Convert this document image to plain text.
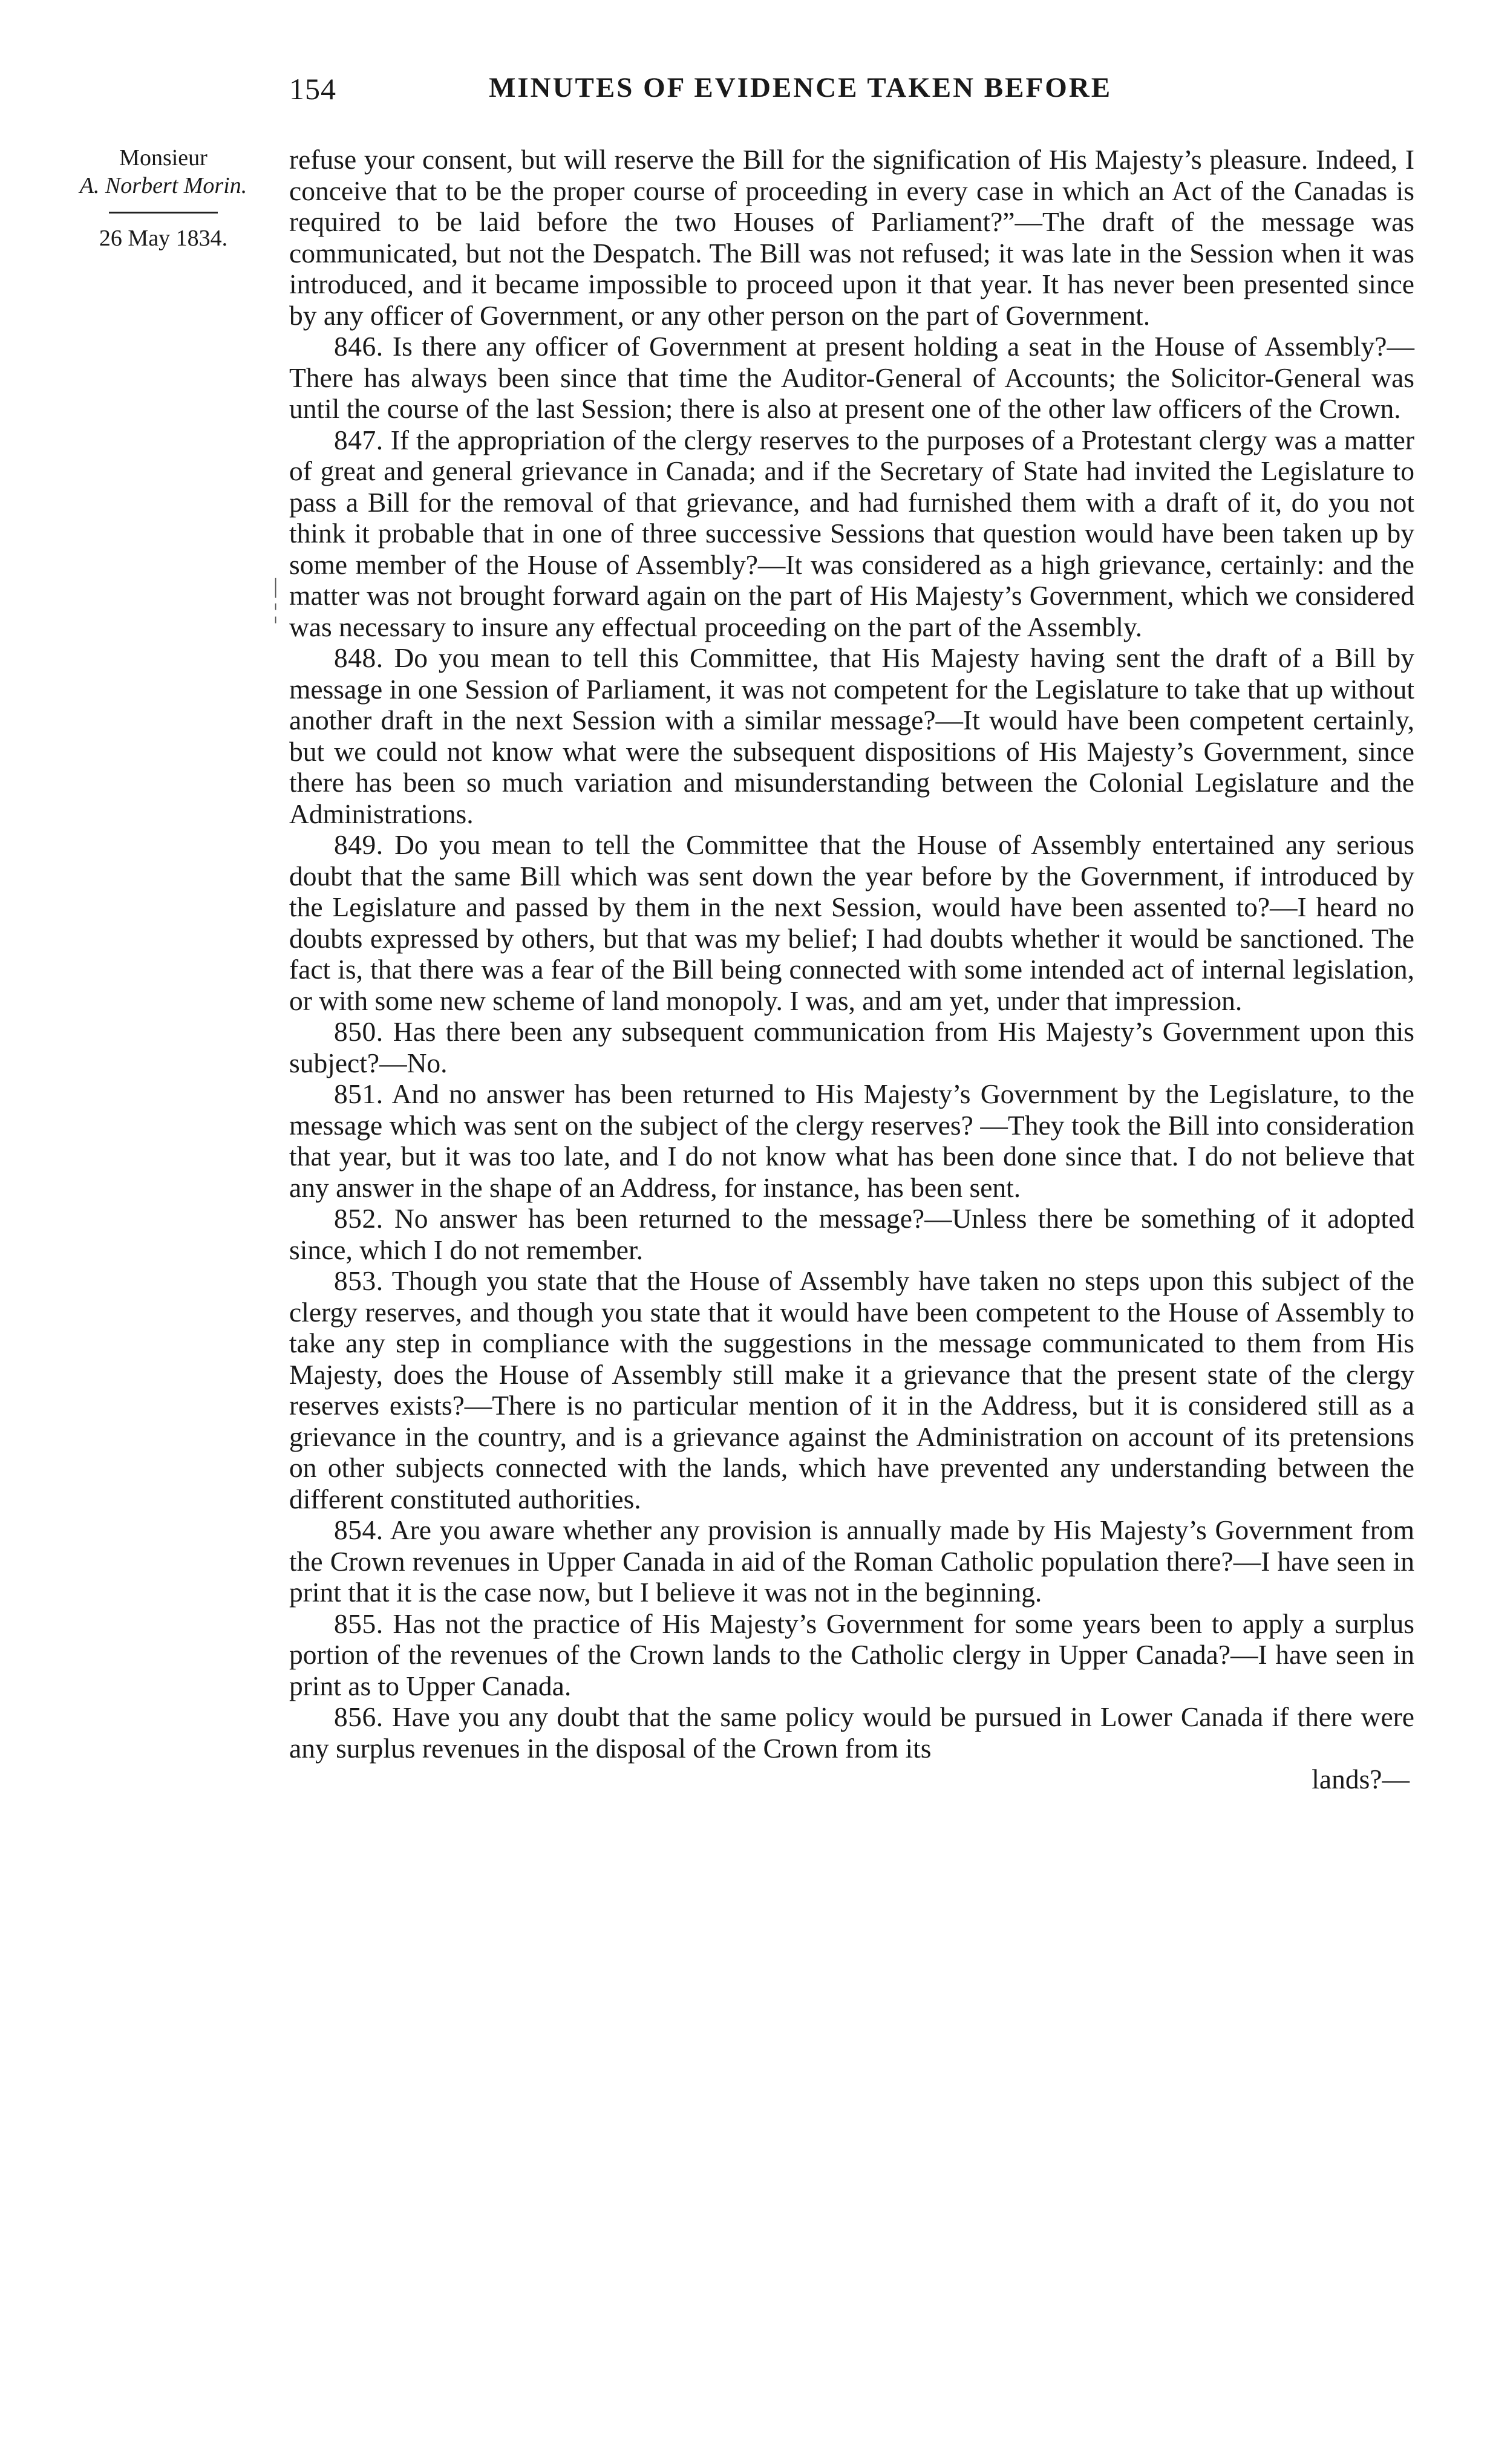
154	MINUTES OF EVIDENCE TAKEN BEFORE
Monsieur
A. Norbert Morin.
26 May 1834.

refuse your consent, but will reserve the Bill for the signification of His Majesty’s pleasure. Indeed, I conceive that to be the proper course of proceeding in every case in which an Act of the Canadas is required to be laid before the two Houses of Parliament?”—The draft of the message was communicated, but not the Despatch. The Bill was not refused; it was late in the Session when it was introduced, and it became impossible to proceed upon it that year. It has never been presented since by any officer of Government, or any other person on the part of Government.

846. Is there any officer of Government at present holding a seat in the House of Assembly?—There has always been since that time the Auditor-General of Accounts; the Solicitor-General was until the course of the last Session; there is also at present one of the other law officers of the Crown.

847. If the appropriation of the clergy reserves to the purposes of a Protestant clergy was a matter of great and general grievance in Canada; and if the Secretary of State had invited the Legislature to pass a Bill for the removal of that grievance, and had furnished them with a draft of it, do you not think it probable that in one of three successive Sessions that question would have been taken up by some member of the House of Assembly?—It was considered as a high grievance, certainly: and the matter was not brought forward again on the part of His Majesty’s Government, which we considered was necessary to insure any effectual proceeding on the part of the Assembly.

848. Do you mean to tell this Committee, that His Majesty having sent the draft of a Bill by message in one Session of Parliament, it was not competent for the Legislature to take that up without another draft in the next Session with a similar message?—It would have been competent certainly, but we could not know what were the subsequent dispositions of His Majesty’s Government, since there has been so much variation and misunderstanding between the Colonial Legislature and the Administrations.

849. Do you mean to tell the Committee that the House of Assembly entertained any serious doubt that the same Bill which was sent down the year before by the Government, if introduced by the Legislature and passed by them in the next Session, would have been assented to?—I heard no doubts expressed by others, but that was my belief; I had doubts whether it would be sanctioned. The fact is, that there was a fear of the Bill being connected with some intended act of internal legislation, or with some new scheme of land monopoly. I was, and am yet, under that impression.

850. Has there been any subsequent communication from His Majesty’s Government upon this subject?—No.

851. And no answer has been returned to His Majesty’s Government by the Legislature, to the message which was sent on the subject of the clergy reserves? —They took the Bill into consideration that year, but it was too late, and I do not know what has been done since that. I do not believe that any answer in the shape of an Address, for instance, has been sent.

852. No answer has been returned to the message?—Unless there be something of it adopted since, which I do not remember.

853. Though you state that the House of Assembly have taken no steps upon this subject of the clergy reserves, and though you state that it would have been competent to the House of Assembly to take any step in compliance with the suggestions in the message communicated to them from His Majesty, does the House of Assembly still make it a grievance that the present state of the clergy reserves exists?—There is no particular mention of it in the Address, but it is considered still as a grievance in the country, and is a grievance against the Administration on account of its pretensions on other subjects connected with the lands, which have prevented any understanding between the different constituted authorities.

854. Are you aware whether any provision is annually made by His Majesty’s Government from the Crown revenues in Upper Canada in aid of the Roman Catholic population there?—I have seen in print that it is the case now, but I believe it was not in the beginning.

855. Has not the practice of His Majesty’s Government for some years been to apply a surplus portion of the revenues of the Crown lands to the Catholic clergy in Upper Canada?—I have seen in print as to Upper Canada.

856. Have you any doubt that the same policy would be pursued in Lower Canada if there were any surplus revenues in the disposal of the Crown from its

lands?—

|
¦
